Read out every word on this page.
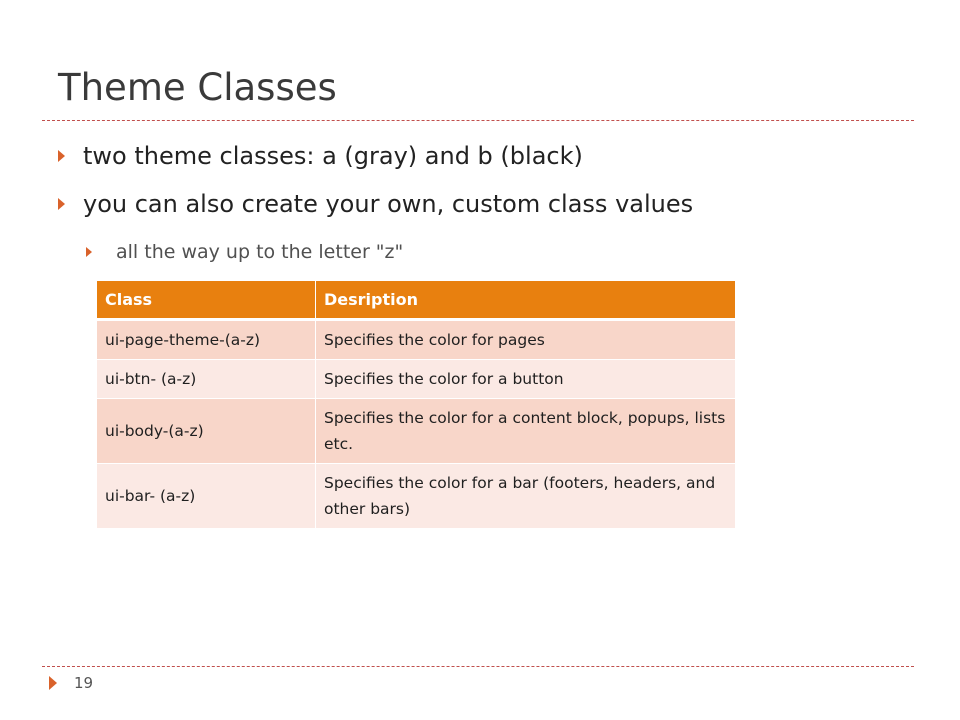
Theme Classes
two theme classes: a (gray) and b (black)
you can also create your own, custom class values
all the way up to the letter "z"
Class	Desription
ui-page-theme-(a-z)	Specifies the color for pages
ui-btn- (a-z)	Specifies the color for a button
ui-body-(a-z)	Specifies the color for a content block, popups, lists etc.
ui-bar- (a-z)	Specifies the color for a bar (footers, headers, and other bars)
19
